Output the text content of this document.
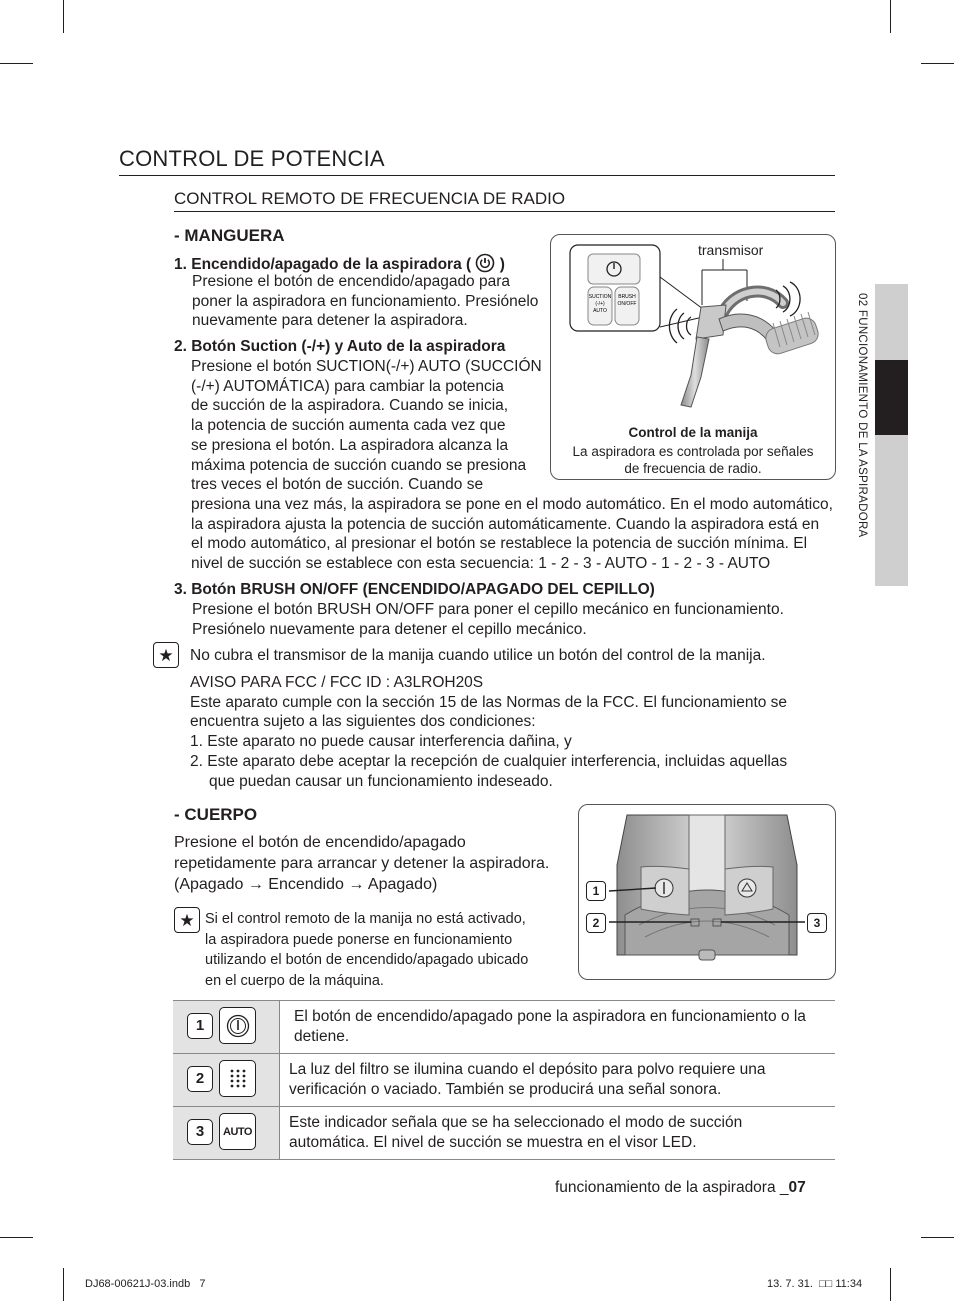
CONTROL DE POTENCIA
CONTROL REMOTO DE FRECUENCIA DE RADIO
02 FUNCIONAMIENTO DE LA ASPIRADORA
- MANGUERA
1. Encendido/apagado de la aspiradora ( )

Presione el botón de encendido/apagado para

poner la aspiradora en funcionamiento. Presiónelo

nuevamente para detener la aspiradora.

2. Botón Suction (-/+) y Auto de la aspiradora

Presione el botón SUCTION(-/+) AUTO (SUCCIÓN

(-/+) AUTOMÁTICA) para cambiar la potencia

de succión de la aspiradora. Cuando se inicia,

la potencia de succión aumenta cada vez que

se presiona el botón. La aspiradora alcanza la

máxima potencia de succión cuando se presiona

tres veces el botón de succión. Cuando se

presiona una vez más, la aspiradora se pone en el modo automático. En el modo automático,

la aspiradora ajusta la potencia de succión automáticamente. Cuando la aspiradora está en

el modo automático, al presionar el botón se restablece la potencia de succión mínima. El

nivel de succión se establece con esta secuencia: 1 - 2 - 3 - AUTO - 1 - 2 - 3 - AUTO

3. Botón BRUSH ON/OFF (ENCENDIDO/APAGADO DEL CEPILLO)

Presione el botón BRUSH ON/OFF para poner el cepillo mecánico en funcionamiento.

Presiónelo nuevamente para detener el cepillo mecánico.

★	No cubra el transmisor de la manija cuando utilice un botón del control de la manija.

AVISO PARA FCC / FCC ID : A3LROH20S

Este aparato cumple con la sección 15 de las Normas de la FCC. El funcionamiento se

encuentra sujeto a las siguientes dos condiciones:

1. Este aparato no puede causar interferencia dañina, y

2. Este aparato debe aceptar la recepción de cualquier interferencia, incluidas aquellas

que puedan causar un funcionamiento indeseado.

SUCTION
(-/+)
AUTO
BRUSH
ON/OFF
transmisor
Control de la manija
La aspiradora es controlada por señales
de frecuencia de radio.
- CUERPO
Presione el botón de encendido/apagado
repetidamente para arrancar y detener la aspiradora.
(Apagado → Encendido → Apagado)
★ Si el control remoto de la manija no está activado,
la aspiradora puede ponerse en funcionamiento
utilizando el botón de encendido/apagado ubicado
en el cuerpo de la máquina.
1
2	3
1	El botón de encendido/apagado pone la aspiradora en funcionamiento o la detiene.

2	La luz del filtro se ilumina cuando el depósito para polvo requiere una verificación o vaciado. También se producirá una señal sonora.

3 AUTO	Este indicador señala que se ha seleccionado el modo de succión automática. El nivel de succión se muestra en el visor LED.
funcionamiento de la aspiradora _07
DJ68-00621J-03.indb   7	13. 7. 31. □□ 11:34
